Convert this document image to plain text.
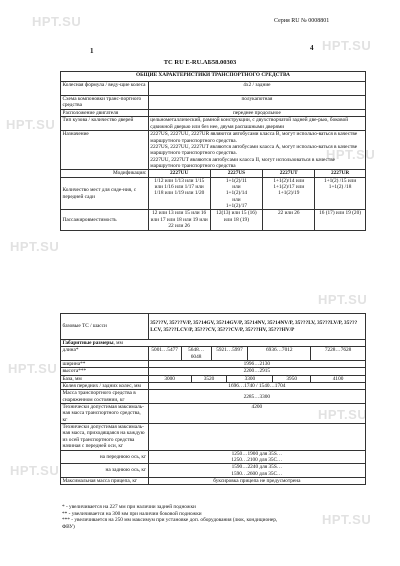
HPT.SU
HPT.SU
HPT.SU
HPT.SU
HPT.SU
HPT.SU
HPT.SU
HPT.SU
HPT.SU
HPT.SU
Серия RU № 0008801
1	4
ТС RU E-RU.АБ58.00303
ОБЩИЕ ХАРАКТЕРИСТИКИ ТРАНСПОРТНОГО СРЕДСТВА				
Колесная формула / веду-щие колеса	4х2 / задние			
Схема компоновки транс-портного средства	полукапотная			
Расположение двигателя	переднее продольное			
Тип кузова / количество дверей	цельнометаллический, рамной конструкции, с двухстворчатой задней две-рью, боковой сдвижной дверью или без нее, двумя распашными дверями			
Назначение	2227US, 2227UU, 2227UR являются автобусами класса В, могут использо-ваться в качестве маршрутного транспортного средства.
2227US, 2227UU, 2227UT являются автобусами класса А, могут использо-ваться в качестве маршрутного транспортного средства.
2227UU, 2227UT являются автобусами класса II, могут использоваться в качестве маршрутного транспортного средства			
Модификация:	2227UU	2227US	2227UT	2227UR
Количество мест для сиде-ния, с передней сади	1/12 или 1/13 или 1/15 или 1/16 или 1/17 или 1/18 или 1/19 или 1/20	1+1(2)/11
или
1+1(2)/14
или
1+1(2)/17	1+1(2)/14 или 1+1(2)/17 или 1+1(2)/19	1+1(2) /15 или 1+1(2) /18
Пассажировместимость	12 или 13 или 15 или 16 или 17 или 18 или 19 или 22 или 26	12(13) или 15 (16) или 18 (19)	22 или 26	16 (17) или 19 (20)
базовые ТС / шасси	35???V, 35???V/P, 35?14GV, 35?14GV/P, 35?14NV, 35?14NV/P, 35???LV, 35???LV/P, 35???LCV, 35???LCV/P, 35???CV, 35???CV/P, 35???HV, 35???HV/P							
Габаритные размеры, мм								
длина*	5001…5477	5648…6048		5921…5997		6936…7012		7228…7628
ширина**	1996…2130							
высота***	2200…2915							
База, мм	3000		3520		3300		3950	4100
Колея передних / задних колес, мм	1696…1740 / 1540…1704							
Масса транспортного средства в снаряженном состоянии, кг	2285…3300							
Технически допустимая максималь-ная масса транспортного средства, кг	4200							
Технически допустимая максималь-ная масса, приходящаяся на каждую из осей транспортного средства начиная с передней оси, кг								
на переднюю ось, кг	1250…1900 для 35S…
1250…2100 для 35C…							

на заднюю ось, кг	1590…2240 для 35S…
1590…2600 для 35C…							

Максимальная масса прицепа, кг	буксировка прицепа не предусмотрена							
* - увеличивается на 227 мм при наличии задней подножки
** - увеличивается на 300 мм при наличии боковой подножки
*** - увеличивается на 250 мм максимум при установке доп. оборудования (люк, кондиционер,
ФВУ)
